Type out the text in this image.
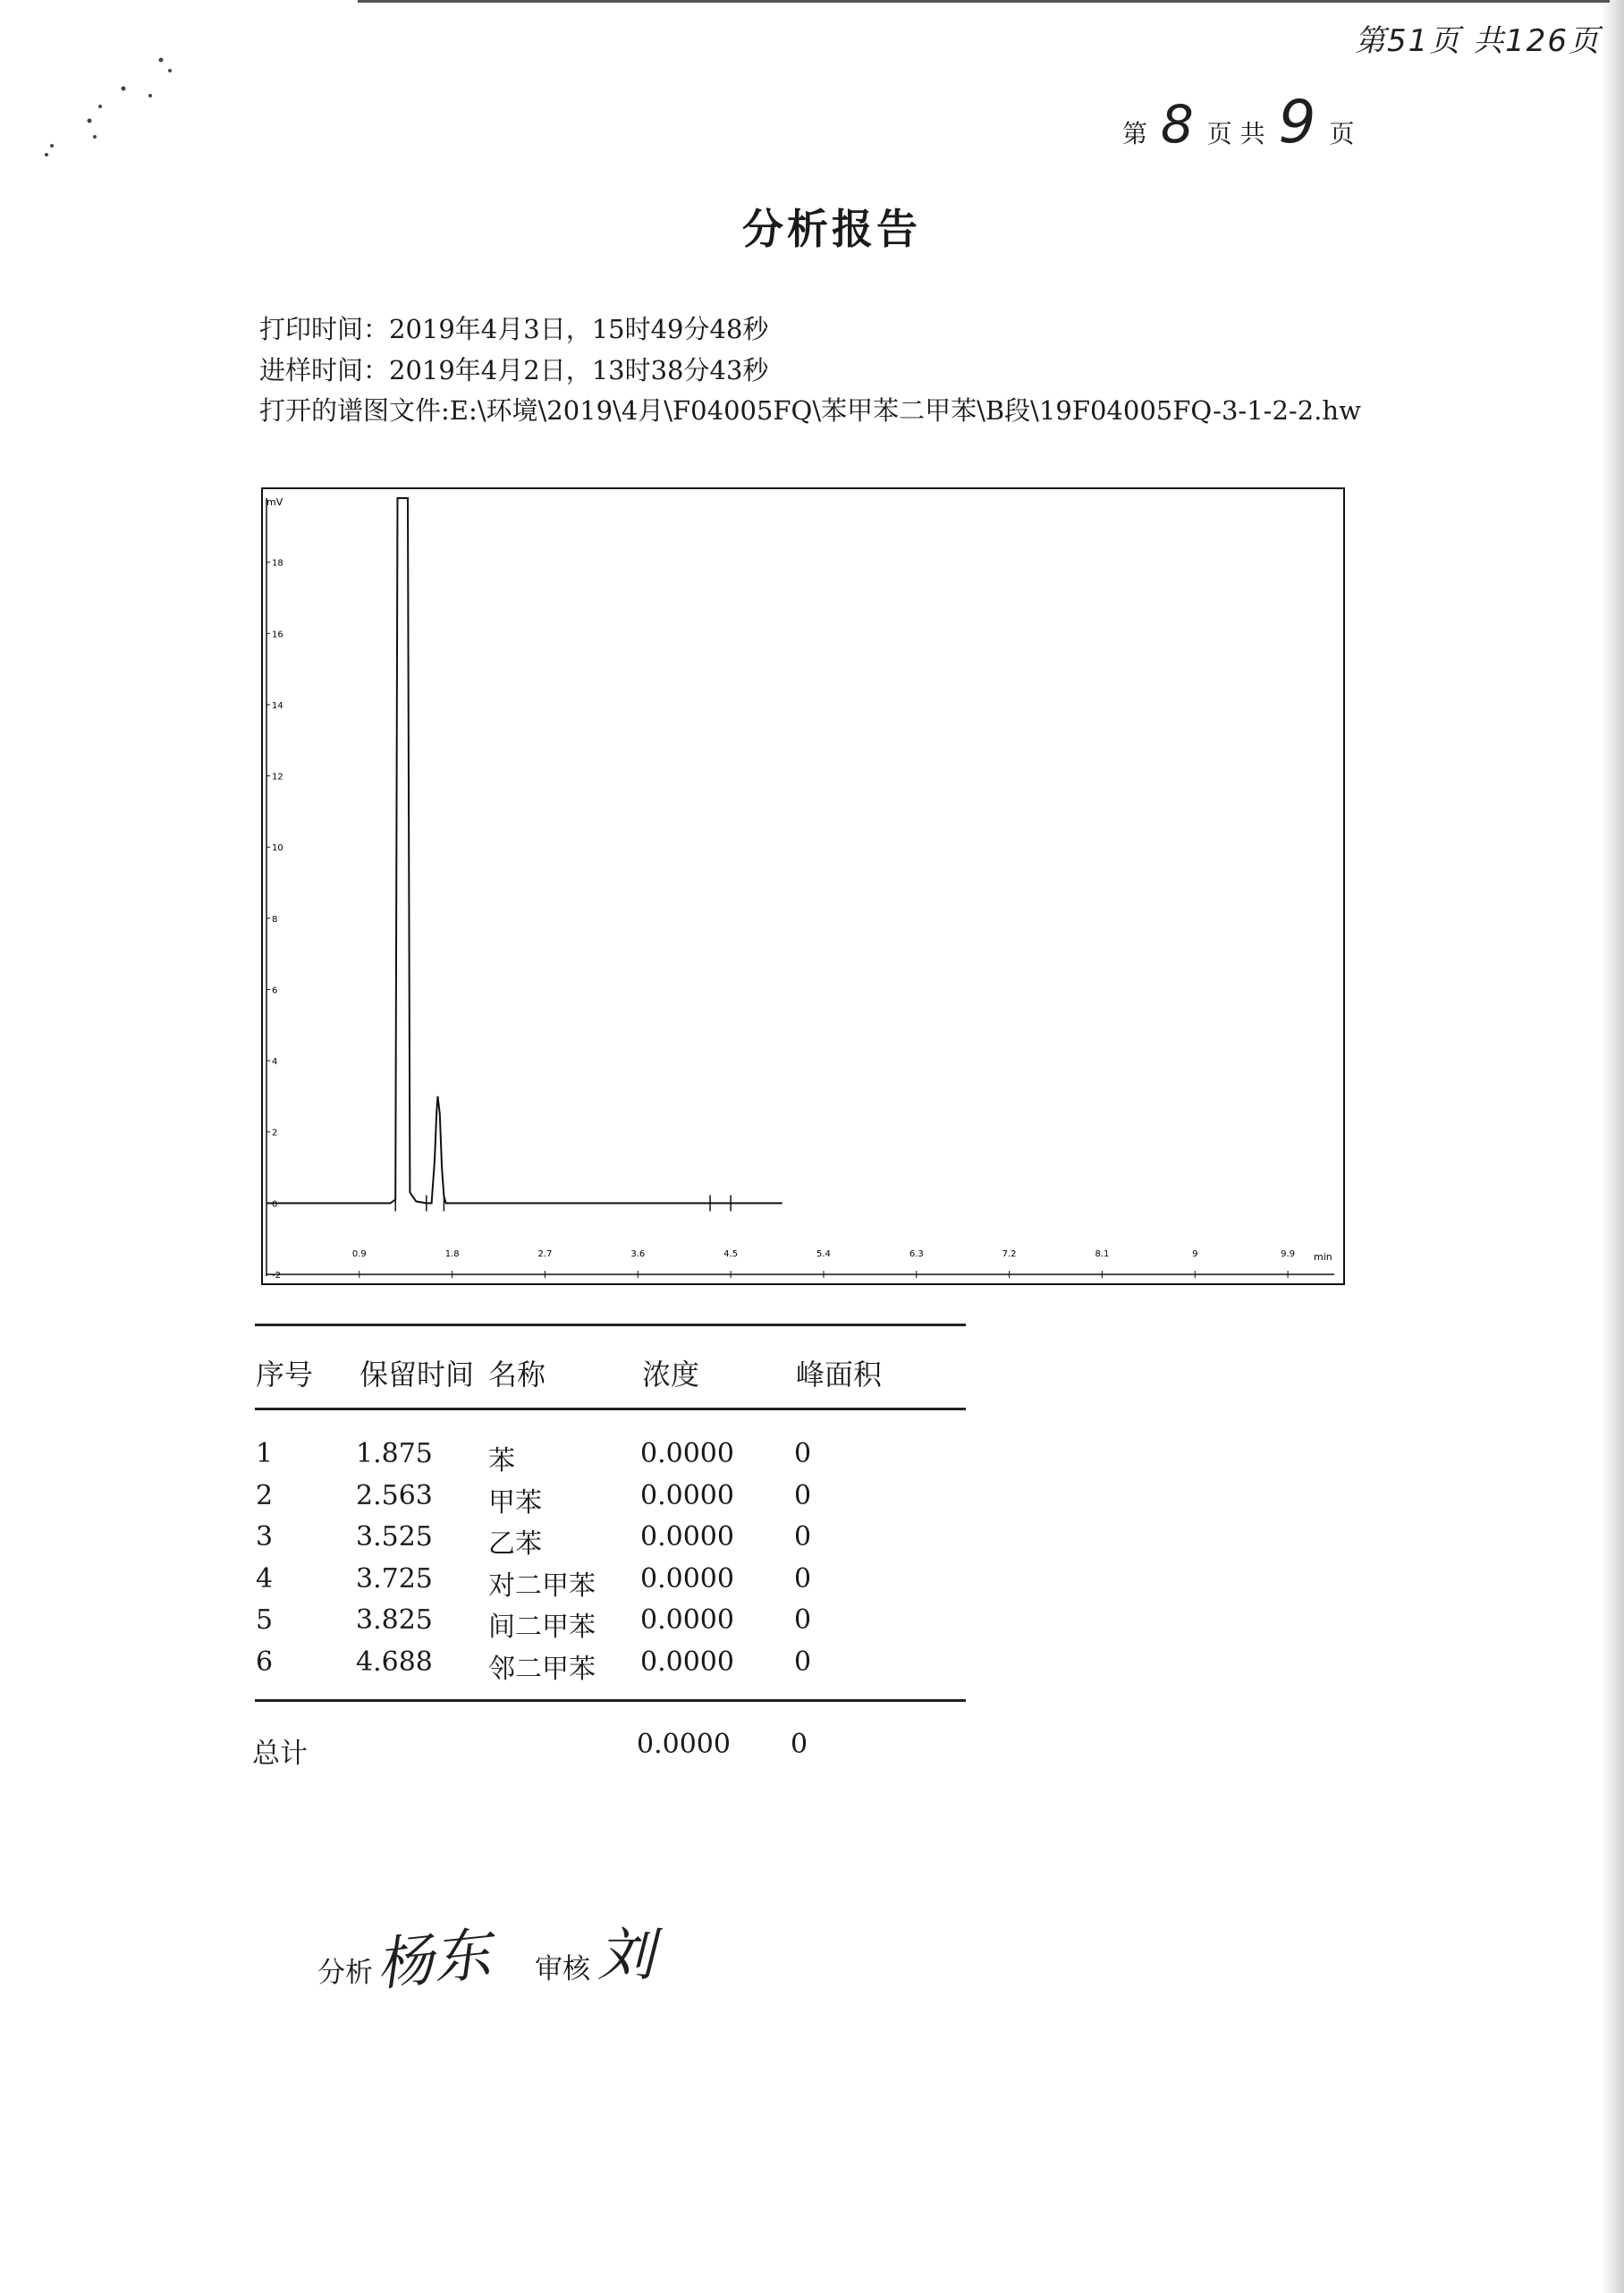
第51页 共126页
第 8 页 共 9 页
分析报告
打印时间：2019年4月3日，15时49分48秒
进样时间：2019年4月2日，13时38分43秒
打开的谱图文件:E:\环境\2019\4月\F04005FQ\苯甲苯二甲苯\B段\19F04005FQ-3-1-2-2.hw
mV
min
18
16
14
12
10
8
6
4
2
0
-2
0.9	1.8	2.7	3.6	4.5	5.4	6.3	7.2	8.1	9	9.9
序号 保留时间 名称	浓度	峰面积
1	1.875 苯	0.0000 0
2	2.563 甲苯	0.0000 0
3	3.525 乙苯	0.0000 0
4	3.725 对二甲苯 0.0000 0
5	3.825 间二甲苯 0.0000 0
6	4.688 邻二甲苯 0.0000 0
总计	0.0000 0
分析 杨东 审核 刘
